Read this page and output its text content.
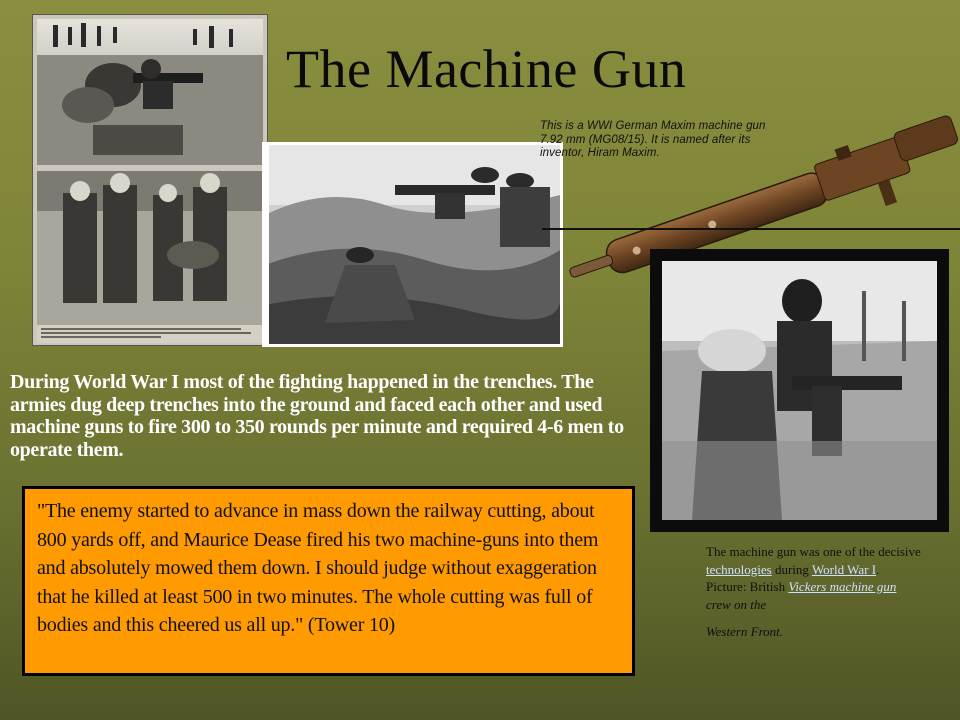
The Machine Gun
This is a WWI German Maxim machine gun 7.92 mm (MG08/15). It is named after its inventor, Hiram Maxim.
During World War I most of the fighting happened in the trenches. The armies dug deep trenches into the ground and faced each other and used machine guns to fire 300 to 350 rounds per minute and required 4-6 men to operate them.
"The enemy started to advance in mass down the railway cutting, about 800 yards off, and Maurice Dease fired his two machine-guns into them and absolutely mowed them down. I should judge without exaggeration that he killed at least 500 in two minutes. The whole cutting was full of bodies and this cheered us all up." (Tower 10)
The machine gun was one of the decisive technologies during World War I. Picture: British Vickers machine gun crew on the
Western Front.
